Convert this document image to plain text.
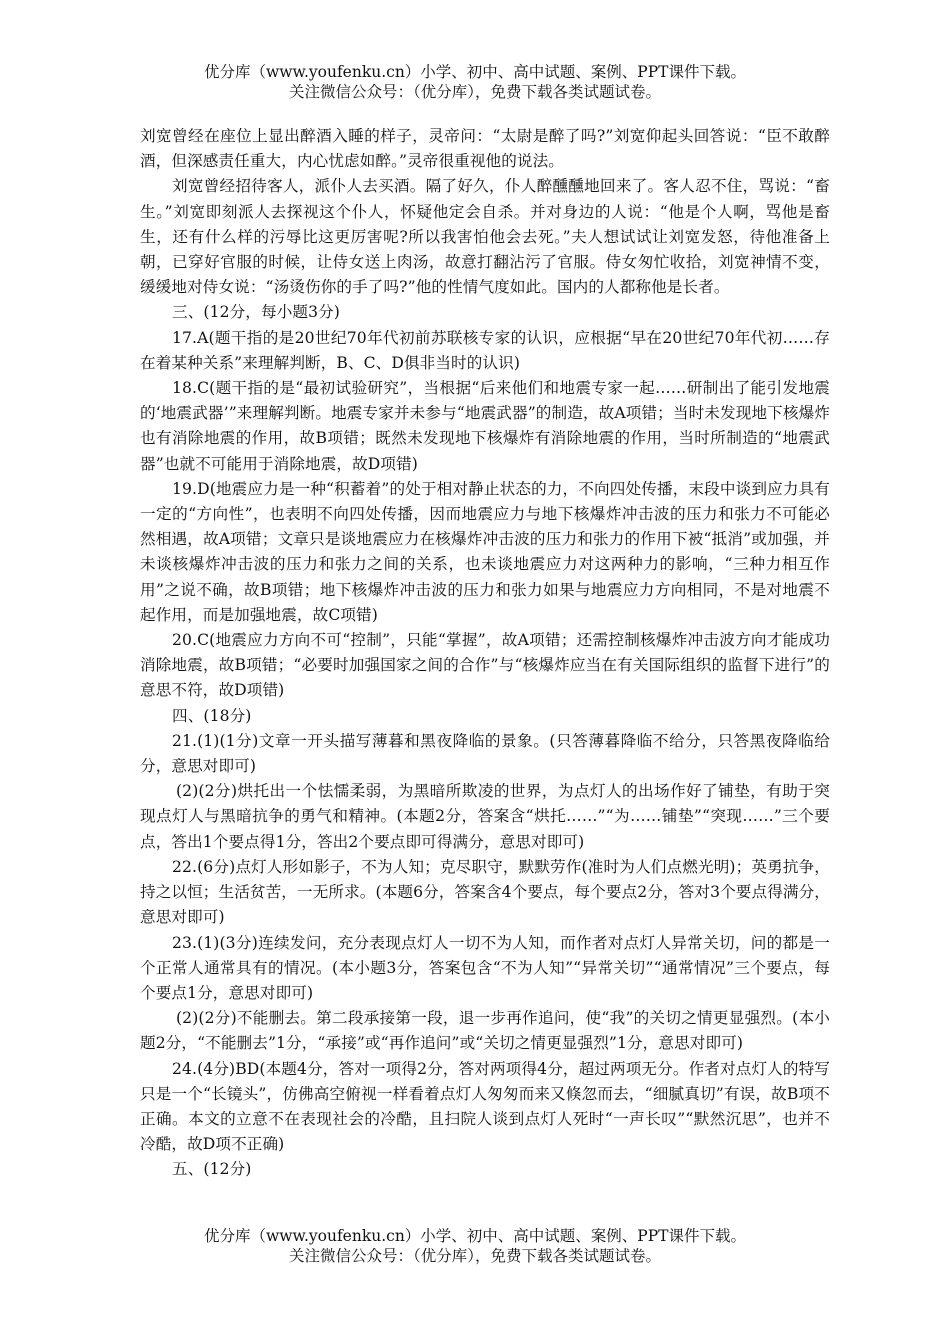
优分库（www.youfenku.cn）小学、初中、高中试题、案例、PPT课件下载。
关注微信公众号：（优分库），免费下载各类试题试卷。

刘宽曾经在座位上显出醉酒入睡的样子，灵帝问：“太尉是醉了吗?”刘宽仰起头回答说：“臣不敢醉酒，但深感责任重大，内心忧虑如醉。”灵帝很重视他的说法。

刘宽曾经招待客人，派仆人去买酒。隔了好久，仆人醉醺醺地回来了。客人忍不住，骂说：“畜生。”刘宽即刻派人去探视这个仆人，怀疑他定会自杀。并对身边的人说：“他是个人啊，骂他是畜生，还有什么样的污辱比这更厉害呢?所以我害怕他会去死。”夫人想试试让刘宽发怒，待他准备上朝，已穿好官服的时候，让侍女送上肉汤，故意打翻沾污了官服。侍女匆忙收拾，刘宽神情不变，缓缓地对侍女说：“汤烫伤你的手了吗?”他的性情气度如此。国内的人都称他是长者。

三、(12分，每小题3分)

17.A(题干指的是20世纪70年代初前苏联核专家的认识，应根据“早在20世纪70年代初……存在着某种关系”来理解判断，B、C、D俱非当时的认识)

18.C(题干指的是“最初试验研究”，当根据“后来他们和地震专家一起……研制出了能引发地震的‘地震武器’”来理解判断。地震专家并未参与“地震武器”的制造，故A项错；当时未发现地下核爆炸也有消除地震的作用，故B项错；既然未发现地下核爆炸有消除地震的作用，当时所制造的“地震武器”也就不可能用于消除地震，故D项错)

19.D(地震应力是一种“积蓄着”的处于相对静止状态的力，不向四处传播，末段中谈到应力具有一定的“方向性”，也表明不向四处传播，因而地震应力与地下核爆炸冲击波的压力和张力不可能必然相遇，故A项错；文章只是谈地震应力在核爆炸冲击波的压力和张力的作用下被“抵消”或加强，并未谈核爆炸冲击波的压力和张力之间的关系，也未谈地震应力对这两种力的影响，“三种力相互作用”之说不确，故B项错；地下核爆炸冲击波的压力和张力如果与地震应力方向相同，不是对地震不起作用，而是加强地震，故C项错)

20.C(地震应力方向不可“控制”，只能“掌握”，故A项错；还需控制核爆炸冲击波方向才能成功消除地震，故B项错；“必要时加强国家之间的合作”与“核爆炸应当在有关国际组织的监督下进行”的意思不符，故D项错)

四、(18分)

21.(1)(1分)文章一开头描写薄暮和黑夜降临的景象。(只答薄暮降临不给分，只答黑夜降临给分，意思对即可)

(2)(2分)烘托出一个怯懦柔弱，为黑暗所欺凌的世界，为点灯人的出场作好了铺垫，有助于突现点灯人与黑暗抗争的勇气和精神。(本题2分，答案含“烘托……”“为……铺垫”“突现……”三个要点，答出1个要点得1分，答出2个要点即可得满分，意思对即可)

22.(6分)点灯人形如影子，不为人知；克尽职守，默默劳作(准时为人们点燃光明)；英勇抗争，持之以恒；生活贫苦，一无所求。(本题6分，答案含4个要点，每个要点2分，答对3个要点得满分，意思对即可)

23.(1)(3分)连续发问，充分表现点灯人一切不为人知，而作者对点灯人异常关切，问的都是一个正常人通常具有的情况。(本小题3分，答案包含“不为人知”“异常关切”“通常情况”三个要点，每个要点1分，意思对即可)

(2)(2分)不能删去。第二段承接第一段，退一步再作追问，使“我”的关切之情更显强烈。(本小题2分，“不能删去”1分，“承接”或“再作追问”或“关切之情更显强烈”1分，意思对即可)

24.(4分)BD(本题4分，答对一项得2分，答对两项得4分，超过两项无分。作者对点灯人的特写只是一个“长镜头”，仿佛高空俯视一样看着点灯人匆匆而来又倏忽而去，“细腻真切”有误，故B项不正确。本文的立意不在表现社会的冷酷，且扫院人谈到点灯人死时“一声长叹”“默然沉思”，也并不冷酷，故D项不正确)

五、(12分)

优分库（www.youfenku.cn）小学、初中、高中试题、案例、PPT课件下载。
关注微信公众号：（优分库），免费下载各类试题试卷。
